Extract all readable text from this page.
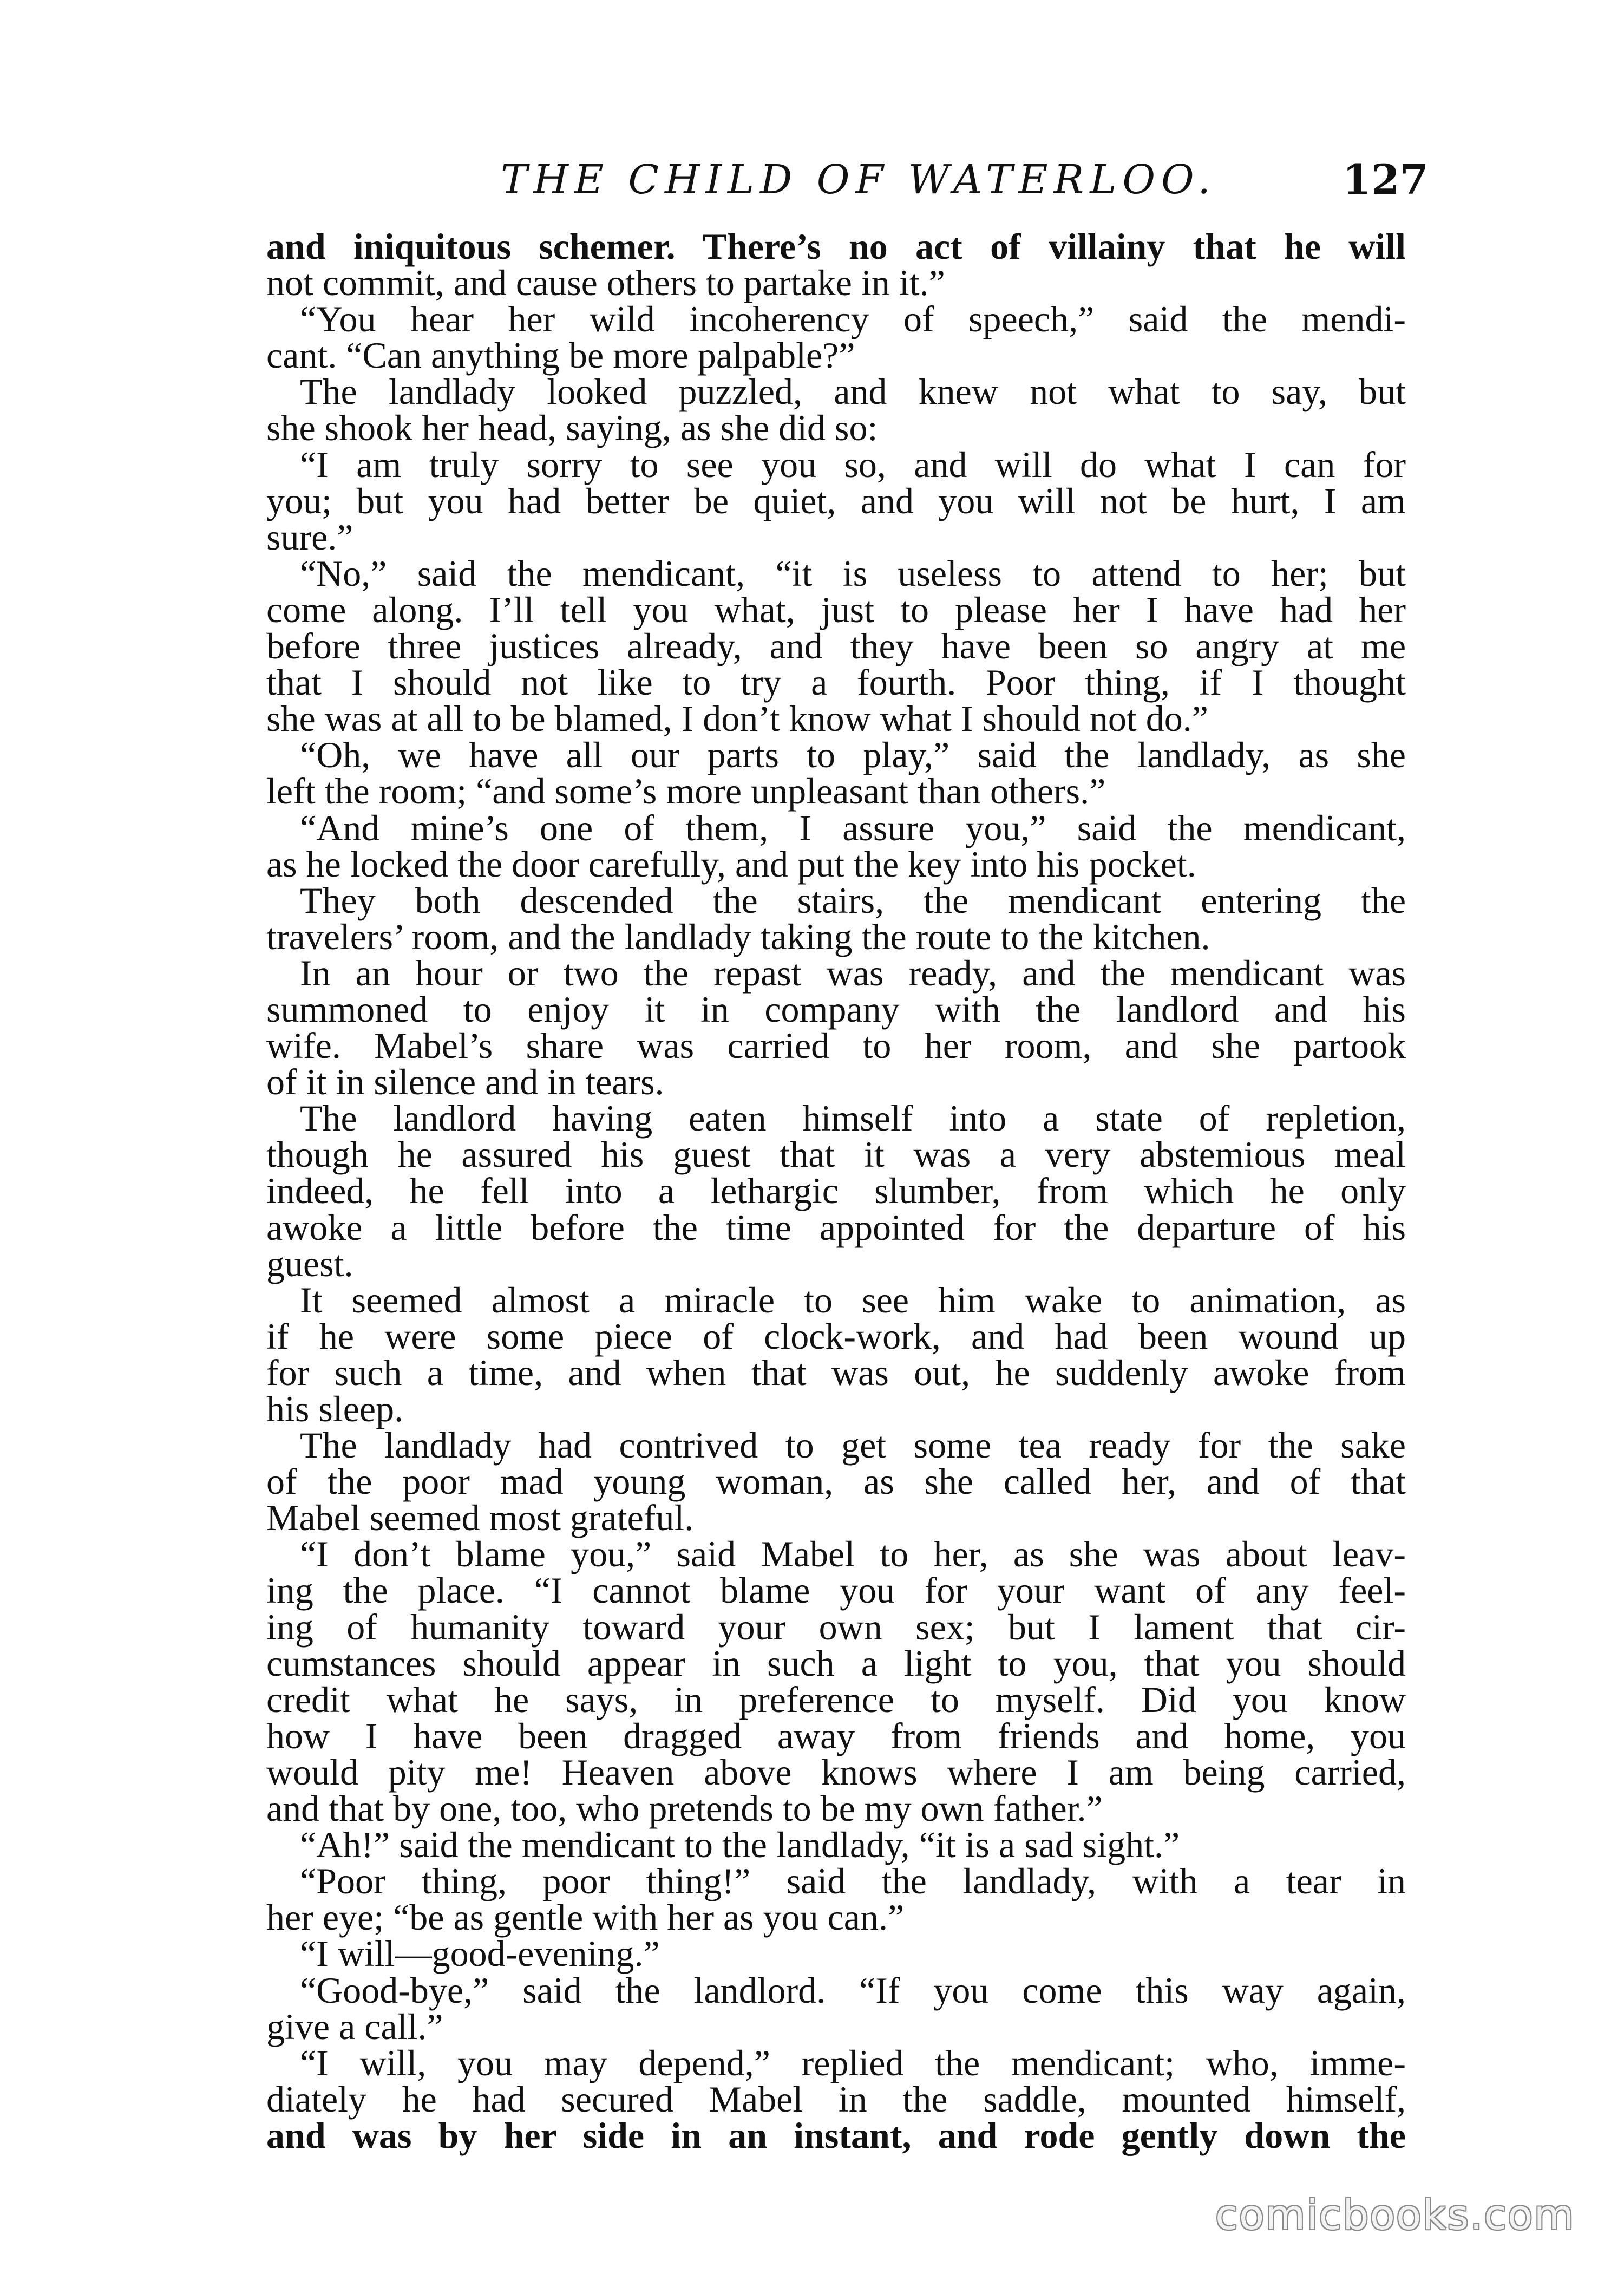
THE CHILD OF WATERLOO.	127
and iniquitous schemer. There’s no act of villainy that he will
not commit, and cause others to partake in it.”
“You hear her wild incoherency of speech,” said the mendi-
cant. “Can anything be more palpable?”
The landlady looked puzzled, and knew not what to say, but
she shook her head, saying, as she did so:
“I am truly sorry to see you so, and will do what I can for
you; but you had better be quiet, and you will not be hurt, I am
sure.”
“No,” said the mendicant, “it is useless to attend to her; but
come along. I’ll tell you what, just to please her I have had her
before three justices already, and they have been so angry at me
that I should not like to try a fourth. Poor thing, if I thought
she was at all to be blamed, I don’t know what I should not do.”
“Oh, we have all our parts to play,” said the landlady, as she
left the room; “and some’s more unpleasant than others.”
“And mine’s one of them, I assure you,” said the mendicant,
as he locked the door carefully, and put the key into his pocket.
They both descended the stairs, the mendicant entering the
travelers’ room, and the landlady taking the route to the kitchen.
In an hour or two the repast was ready, and the mendicant was
summoned to enjoy it in company with the landlord and his
wife. Mabel’s share was carried to her room, and she partook
of it in silence and in tears.
The landlord having eaten himself into a state of repletion,
though he assured his guest that it was a very abstemious meal
indeed, he fell into a lethargic slumber, from which he only
awoke a little before the time appointed for the departure of his
guest.
It seemed almost a miracle to see him wake to animation, as
if he were some piece of clock-work, and had been wound up
for such a time, and when that was out, he suddenly awoke from
his sleep.
The landlady had contrived to get some tea ready for the sake
of the poor mad young woman, as she called her, and of that
Mabel seemed most grateful.
“I don’t blame you,” said Mabel to her, as she was about leav-
ing the place. “I cannot blame you for your want of any feel-
ing of humanity toward your own sex; but I lament that cir-
cumstances should appear in such a light to you, that you should
credit what he says, in preference to myself. Did you know
how I have been dragged away from friends and home, you
would pity me! Heaven above knows where I am being carried,
and that by one, too, who pretends to be my own father.”
“Ah!” said the mendicant to the landlady, “it is a sad sight.”
“Poor thing, poor thing!” said the landlady, with a tear in
her eye; “be as gentle with her as you can.”
“I will—good-evening.”
“Good-bye,” said the landlord. “If you come this way again,
give a call.”
“I will, you may depend,” replied the mendicant; who, imme-
diately he had secured Mabel in the saddle, mounted himself,
and was by her side in an instant, and rode gently down the
comicbooks.com
